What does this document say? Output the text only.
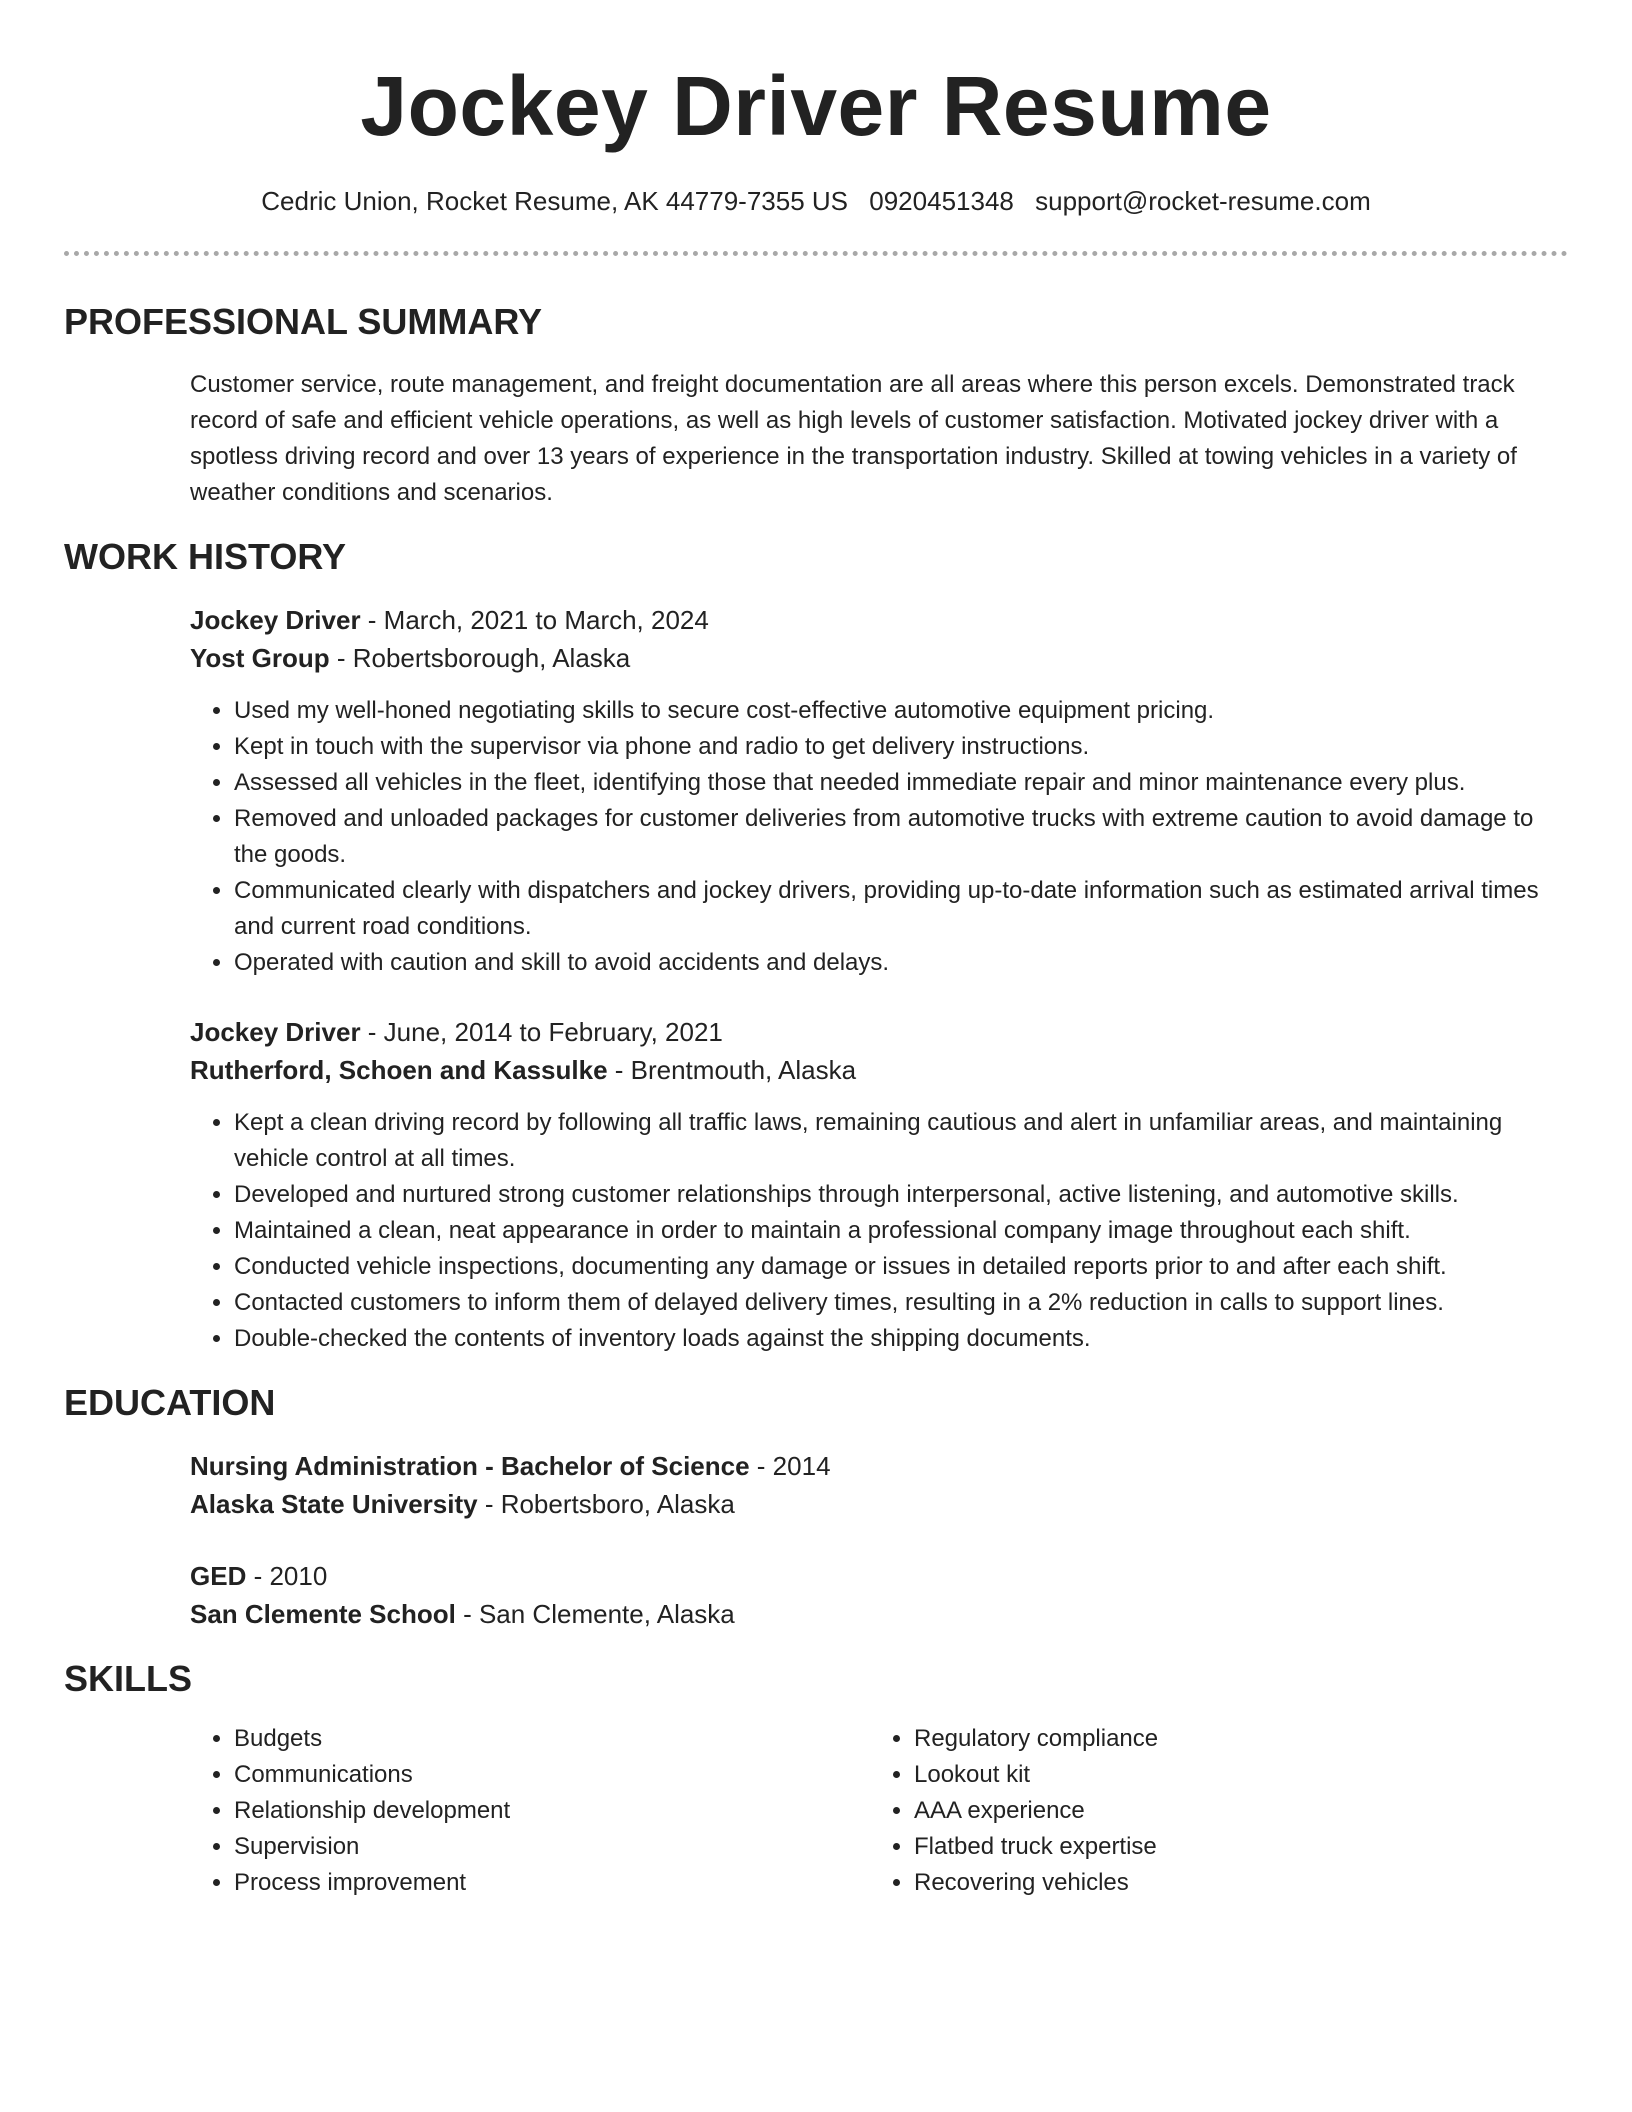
Jockey Driver Resume
Cedric Union, Rocket Resume, AK 44779-7355 US 0920451348 support@rocket-resume.com
PROFESSIONAL SUMMARY

Customer service, route management, and freight documentation are all areas where this person excels. Demonstrated track record of safe and efficient vehicle operations, as well as high levels of customer satisfaction. Motivated jockey driver with a spotless driving record and over 13 years of experience in the transportation industry. Skilled at towing vehicles in a variety of weather conditions and scenarios.

WORK HISTORY
Jockey Driver - March, 2021 to March, 2024
Yost Group - Robertsborough, Alaska
• Used my well-honed negotiating skills to secure cost-effective automotive equipment pricing.
• Kept in touch with the supervisor via phone and radio to get delivery instructions.
• Assessed all vehicles in the fleet, identifying those that needed immediate repair and minor maintenance every plus.
• Removed and unloaded packages for customer deliveries from automotive trucks with extreme caution to avoid damage to the goods.
• Communicated clearly with dispatchers and jockey drivers, providing up-to-date information such as estimated arrival times and current road conditions.
• Operated with caution and skill to avoid accidents and delays.
Jockey Driver - June, 2014 to February, 2021
Rutherford, Schoen and Kassulke - Brentmouth, Alaska
• Kept a clean driving record by following all traffic laws, remaining cautious and alert in unfamiliar areas, and maintaining vehicle control at all times.
• Developed and nurtured strong customer relationships through interpersonal, active listening, and automotive skills.
• Maintained a clean, neat appearance in order to maintain a professional company image throughout each shift.
• Conducted vehicle inspections, documenting any damage or issues in detailed reports prior to and after each shift.
• Contacted customers to inform them of delayed delivery times, resulting in a 2% reduction in calls to support lines.
• Double-checked the contents of inventory loads against the shipping documents.
EDUCATION
Nursing Administration - Bachelor of Science - 2014
Alaska State University - Robertsboro, Alaska
GED - 2010
San Clemente School - San Clemente, Alaska
SKILLS
• Budgets
• Communications
• Relationship development
• Supervision
• Process improvement
• Regulatory compliance
• Lookout kit
• AAA experience
• Flatbed truck expertise
• Recovering vehicles
